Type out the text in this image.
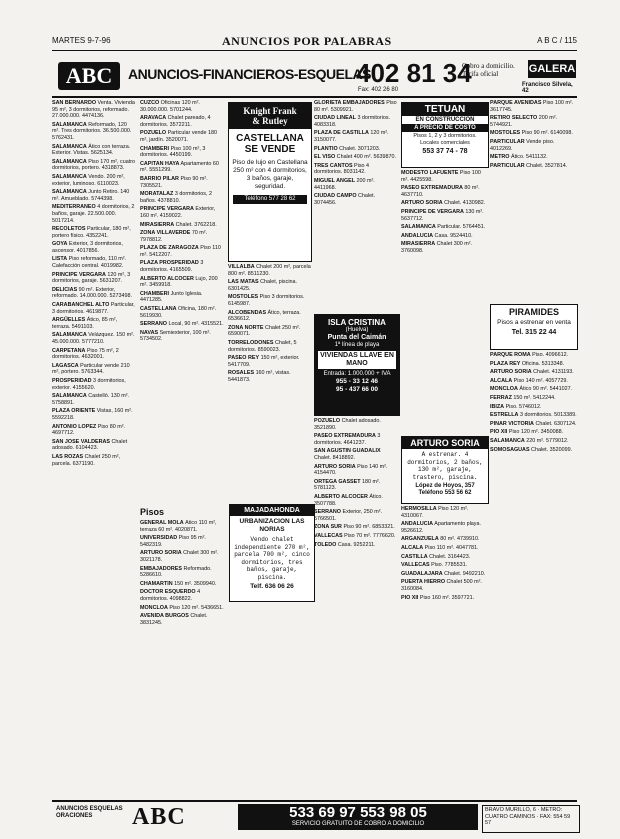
MARTES 9-7-96	ANUNCIOS POR PALABRAS	A B C / 115
ABC	ANUNCIOS-FINANCIEROS-ESQUELAS
402 81 34
Fax: 402 26 80
Cobro a domicilio. Tarifa oficial	GALERA
Francisco Silvela, 42

SAN BERNARDO Venta. Vivienda 95 m², 3 dormitorios, reformado. 27.000.000. 4474136.

SALAMANCA Reformado, 120 m². Tres dormitorios. 36.500.000. 5762431.

SALAMANCA Ático con terraza. Exterior. Vistas. 5625134.

SALAMANCA Piso 170 m², cuatro dormitorios, portero. 4318873.

SALAMANCA Vendo. 200 m², exterior, luminoso. 6110023.

SALAMANCA Junto Retiro. 140 m². Amueblado. 5744398.

MEDITERRANEO 4 dormitorios, 2 baños, garaje. 22.500.000. 5017214.

RECOLETOS Particular, 180 m², portero físico. 4352241.

GOYA Exterior, 3 dormitorios, ascensor. 4017856.

LISTA Piso reformado, 110 m². Calefacción central. 4019982.

PRINCIPE VERGARA 120 m², 3 dormitorios, garaje. 5631207.

DELICIAS 90 m². Exterior, reformado. 14.000.000. 5273498.

CARABANCHEL ALTO Particular, 3 dormitorios. 4619877.

ARGÜELLES Ático, 85 m², terraza. 5491103.

SALAMANCA Velázquez. 150 m². 45.000.000. 5777210.

CARPETANA Piso 75 m², 2 dormitorios. 4632001.

LAGASCA Particular vende 210 m², portero. 5763344.

PROSPERIDAD 3 dormitorios, exterior. 4155620.

SALAMANCA Castelló. 130 m². 5758891.

PLAZA ORIENTE Vistas, 160 m². 5592218.

ANTONIO LOPEZ Piso 80 m². 4697712.

SAN JOSE VALDERAS Chalet adosado. 6104423.

LAS ROZAS Chalet 250 m², parcela. 6371190.

CUZCO Oficinas 120 m². 30.000.000. 5701244.

ARAVACA Chalet pareado, 4 dormitorios. 3572211.

POZUELO Particular vende 180 m², jardín. 3520071.

CHAMBERI Piso 100 m², 3 dormitorios. 4450199.

CAPITAN HAYA Apartamento 60 m². 5551299.

BARRIO PILAR Piso 90 m². 7305521.

MORATALAZ 3 dormitorios, 2 baños. 4378810.

PRINCIPE VERGARA Exterior, 160 m². 4159022.

MIRASIERRA Chalet. 3762218.

ZONA VILLAVERDE 70 m². 7978812.

PLAZA DE ZARAGOZA Piso 110 m². 5412207.

PLAZA PROSPERIDAD 3 dormitorios. 4165509.

ALBERTO ALCOCER Lujo, 200 m². 3459918.

CHAMBERI Junto Iglesia. 4471285.

CASTELLANA Oficina, 180 m². 5619930.

SERRANO Local, 90 m². 4315521.

NAVAS Semiexterior, 100 m². 5734502.

Pisos

GENERAL MOLA Ático 110 m², terraza 60 m². 4020871.

UNIVERSIDAD Piso 95 m². 5482319.

ARTURO SORIA Chalet 300 m². 3021178.

EMBAJADORES Reformado. 5286610.

CHAMARTIN 150 m². 3509940.

DOCTOR ESQUERDO 4 dormitorios. 4098822.

MONCLOA Piso 120 m². 5436651.

AVENIDA BURGOS Chalet. 3831245.

Knight Frank
& Rutley
CASTELLANA SE VENDE
Piso de lujo en Castellana 250 m² con 4 dormitorios, 3 baños, garaje, seguridad.
Teléfono 577 28 62

VILLALBA Chalet 200 m², parcela 800 m². 8511230.

LAS MATAS Chalet, piscina. 6301425.

MOSTOLES Piso 3 dormitorios. 6145987.

ALCOBENDAS Ático, terraza. 6536612.

ZONA NORTE Chalet 250 m². 6590071.

TORRELODONES Chalet, 5 dormitorios. 8590023.

PASEO REY 150 m², exterior. 5417709.

ROSALES 160 m², vistas. 5441873.

MAJADAHONDA
URBANIZACION LAS NORIAS
Vendo chalet independiente 270 m², parcela 700 m², cinco dormitorios, tres baños, garaje, piscina.
Telf. 636 06 26

GLORIETA EMBAJADORES Piso 80 m². 5309921.

CIUDAD LINEAL 3 dormitorios. 4083318.

PLAZA DE CASTILLA 120 m². 3150077.

PLANTIO Chalet. 3071203.

EL VISO Chalet 400 m². 5639870.

TRES CANTOS Piso 4 dormitorios. 8031142.

MIGUEL ANGEL 200 m². 4411968.

CIUDAD CAMPO Chalet. 3074456.

ISLA CRISTINA
(Huelva)
Punta del Caimán
1ª línea de playa
VIVIENDAS LLAVE EN MANO
Entrada: 1.000.000 + IVA
955 - 33 12 46
95 - 437 66 00

POZUELO Chalet adosado. 3521890.

PASEO EXTREMADURA 3 dormitorios. 4641237.

SAN AGUSTIN GUADALIX Chalet. 8418892.

ARTURO SORIA Piso 140 m². 4154470.

ORTEGA GASSET 180 m². 5781123.

ALBERTO ALCOCER Ático. 3507788.

SERRANO Exterior, 250 m². 5766501.

ZONA SUR Piso 90 m². 6853321.

VALLECAS Piso 70 m². 7776620.

TOLEDO Casa. 9252211.

TETUAN
EN CONSTRUCCION
A PRECIO DE COSTO
Pisos 1, 2 y 3 dormitorios. Locales comerciales
553 37 74 - 78

MODESTO LAFUENTE Piso 100 m². 4425598.

PASEO EXTREMADURA 80 m². 4637710.

ARTURO SORIA Chalet. 4130982.

PRINCIPE DE VERGARA 130 m². 5637712.

SALAMANCA Particular. 5764451.

ANDALUCIA Casa. 9524410.

MIRASIERRA Chalet 300 m². 3760098.

ARTURO SORIA
A estrenar. 4 dormitorios, 2 baños, 130 m², garaje, trastero, piscina.
López de Hoyos, 357
Teléfono 553 56 62

HERMOSILLA Piso 120 m². 4310067.

ANDALUCIA Apartamento playa. 9526612.

ARGANZUELA 80 m². 4739910.

ALCALA Piso 110 m². 4047781.

CASTILLA Chalet. 3164423.

VALLECAS Piso. 7785531.

GUADALAJARA Chalet. 9492210.

PUERTA HIERRO Chalet 500 m². 3160084.

PIO XII Piso 160 m². 3597721.

PARQUE AVENIDAS Piso 100 m². 3617745.

RETIRO SELECTO 200 m². 5744921.

MOSTOLES Piso 90 m². 6140098.

PARTICULAR Vende piso. 4012269.

METRO Ático. 5411132.

PARTICULAR Chalet. 3527814.

PIRAMIDES
Pisos a estrenar en venta
Tel. 315 22 44

PARQUE ROMA Piso. 4096612.

PLAZA REY Oficina. 5313348.

ARTURO SORIA Chalet. 4131193.

ALCALA Piso 140 m². 4057729.

MONCLOA Ático 90 m². 5441027.

FERRAZ 150 m². 5412244.

IBIZA Piso. 5746012.

ESTRELLA 3 dormitorios. 5013389.

PINAR VICTORIA Chalet. 6307124.

PIO XII Piso 120 m². 3450088.

SALAMANCA 220 m². 5779012.

SOMOSAGUAS Chalet. 3520099.

ANUNCIOS ESQUELAS ORACIONES	ABC	533 69 97 553 98 05
SERVICIO GRATUITO DE COBRO A DOMICILIO
BRAVO MURILLO, 6 · METRO: CUATRO CAMINOS · FAX: 554 59 57
